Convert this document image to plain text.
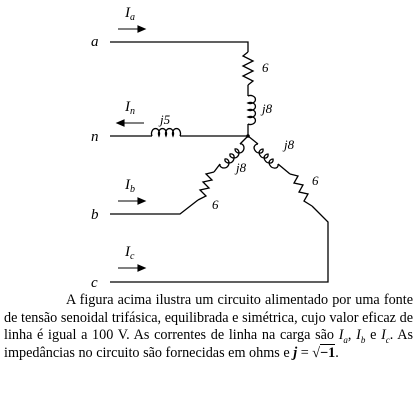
a
n
b
c
$I_a$
$I_n$
$I_b$
$I_c$
6
j8
j5
j8
6
j8
6

A figura acima ilustra um circuito alimentado por uma fonte de tensão senoidal trifásica, equilibrada e simétrica, cujo valor eficaz de linha é igual a 100 V. As correntes de linha na carga são $I_a$, $I_b$ e $I_c$. As impedâncias no circuito são fornecidas em ohms e j = √−1.
